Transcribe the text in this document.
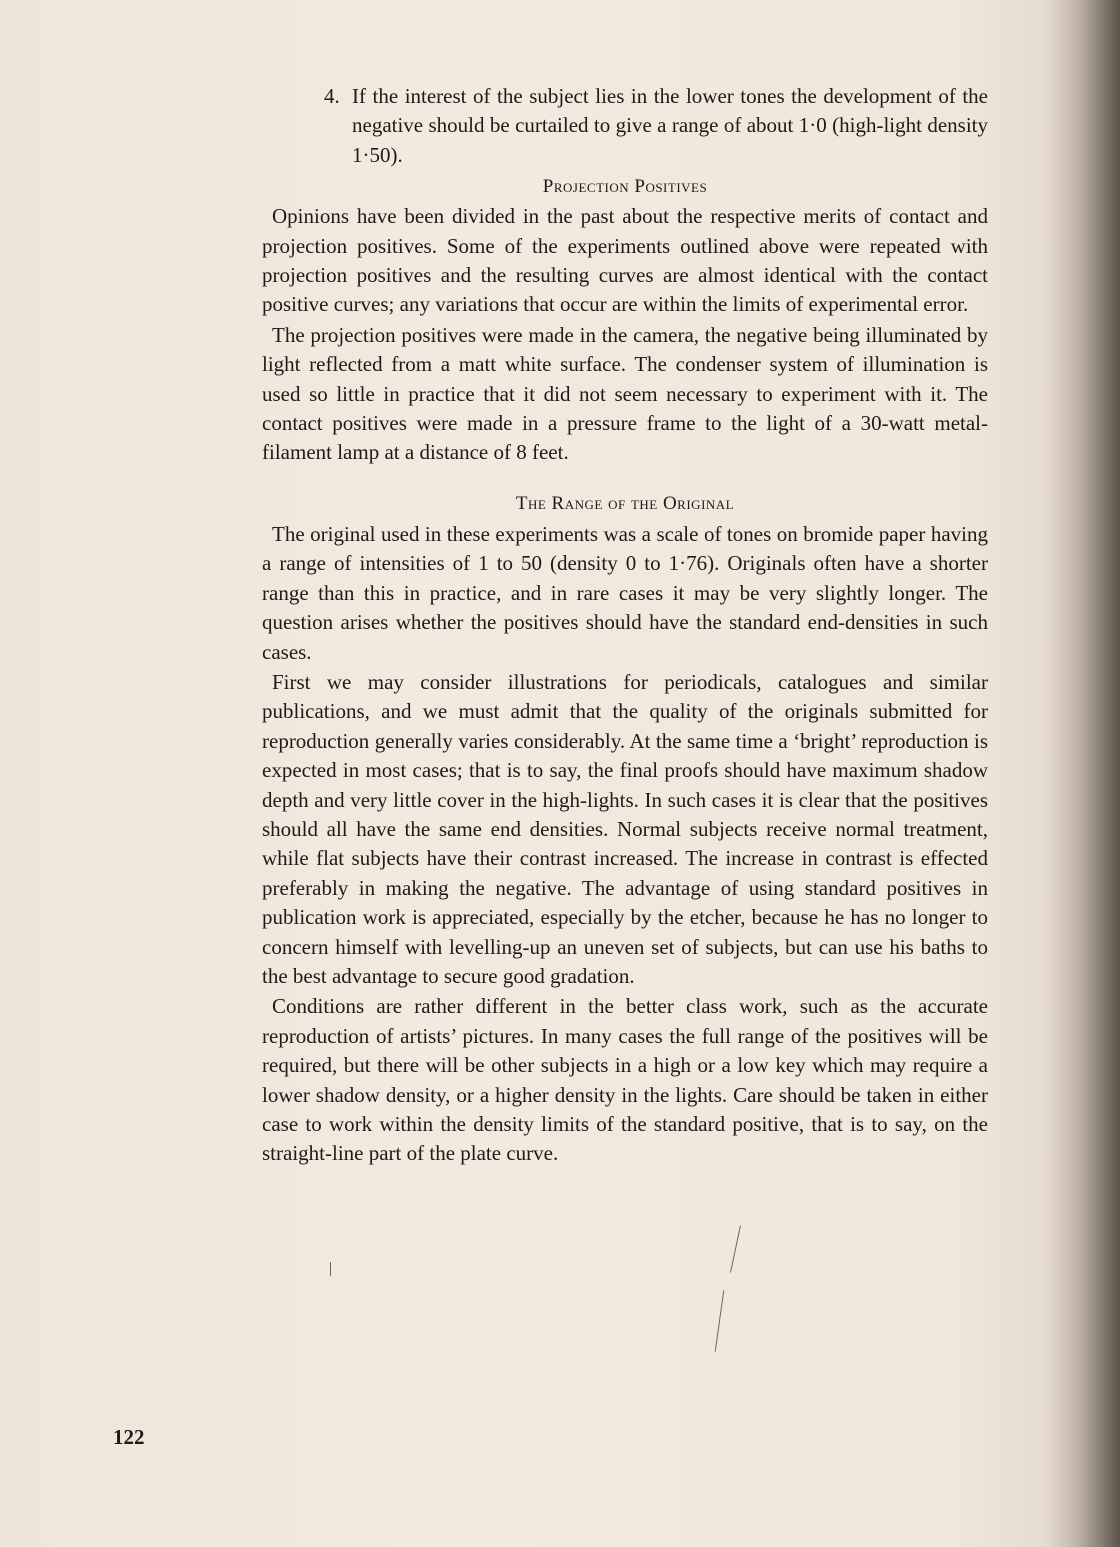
4. If the interest of the subject lies in the lower tones the development of the negative should be curtailed to give a range of about 1·0 (high-light density 1·50).
Projection Positives

Opinions have been divided in the past about the respective merits of contact and projection positives. Some of the experiments outlined above were repeated with projection positives and the resulting curves are almost identical with the contact positive curves; any variations that occur are within the limits of experimental error.

The projection positives were made in the camera, the negative being illuminated by light reflected from a matt white surface. The condenser system of illumination is used so little in practice that it did not seem necessary to experiment with it. The contact positives were made in a pressure frame to the light of a 30-watt metal-filament lamp at a distance of 8 feet.

The Range of the Original

The original used in these experiments was a scale of tones on bromide paper having a range of intensities of 1 to 50 (density 0 to 1·76). Originals often have a shorter range than this in practice, and in rare cases it may be very slightly longer. The question arises whether the positives should have the standard end-densities in such cases.

First we may consider illustrations for periodicals, catalogues and similar publications, and we must admit that the quality of the originals submitted for reproduction generally varies considerably. At the same time a ‘bright’ reproduction is expected in most cases; that is to say, the final proofs should have maximum shadow depth and very little cover in the high-lights. In such cases it is clear that the positives should all have the same end densities. Normal subjects receive normal treatment, while flat subjects have their contrast increased. The increase in contrast is effected preferably in making the negative. The advantage of using standard positives in publication work is appreciated, especially by the etcher, because he has no longer to concern himself with levelling-up an uneven set of subjects, but can use his baths to the best advantage to secure good gradation.

Conditions are rather different in the better class work, such as the accurate reproduction of artists’ pictures. In many cases the full range of the positives will be required, but there will be other subjects in a high or a low key which may require a lower shadow density, or a higher density in the lights. Care should be taken in either case to work within the density limits of the standard positive, that is to say, on the straight-line part of the plate curve.

122
